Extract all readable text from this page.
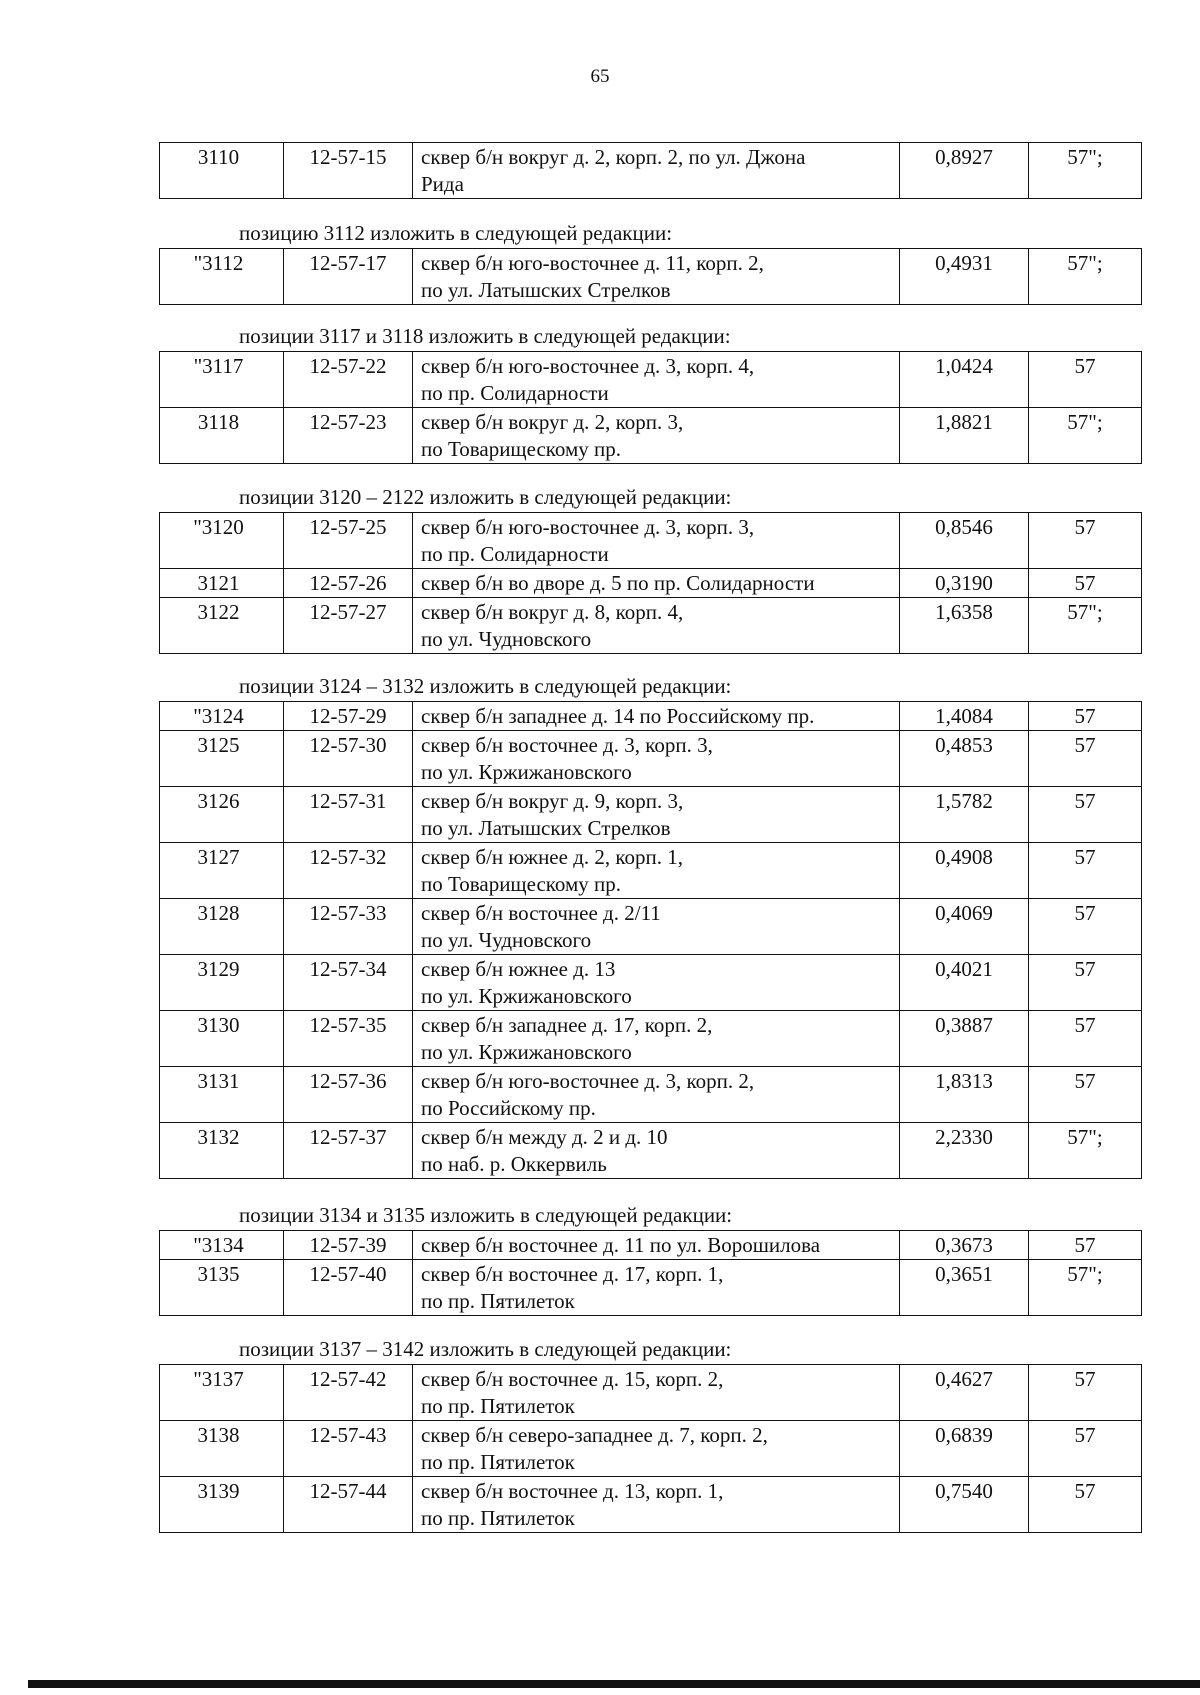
65
3110	12-57-15	сквер б/н вокруг д. 2, корп. 2, по ул. Джона
Рида
	0,8927	57";
позицию 3112 изложить в следующей редакции:
"3112	12-57-17	сквер б/н юго-восточнее д. 11, корп. 2,
по ул. Латышских Стрелков
	0,4931	57";
позиции 3117 и 3118 изложить в следующей редакции:
"3117	12-57-22	сквер б/н юго-восточнее д. 3, корп. 4,
по пр. Солидарности	1,0424	57
3118	12-57-23	сквер б/н вокруг д. 2, корп. 3,
по Товарищескому пр.	1,8821	57";
позиции 3120 – 2122 изложить в следующей редакции:
"3120	12-57-25	сквер б/н юго-восточнее д. 3, корп. 3,
по пр. Солидарности	0,8546	57
3121	12-57-26	сквер б/н во дворе д. 5 по пр. Солидарности	0,3190	57
3122	12-57-27	сквер б/н вокруг д. 8, корп. 4,
по ул. Чудновского	1,6358	57";
позиции 3124 – 3132 изложить в следующей редакции:
"3124	12-57-29	сквер б/н западнее д. 14 по Российскому пр.	1,4084	57
3125	12-57-30	сквер б/н восточнее д. 3, корп. 3,
по ул. Кржижановского	0,4853	57
3126	12-57-31	сквер б/н вокруг д. 9, корп. 3,
по ул. Латышских Стрелков	1,5782	57
3127	12-57-32	сквер б/н южнее д. 2, корп. 1,
по Товарищескому пр.	0,4908	57
3128	12-57-33	сквер б/н восточнее д. 2/11
по ул. Чудновского	0,4069	57
3129	12-57-34	сквер б/н южнее д. 13
по ул. Кржижановского	0,4021	57
3130	12-57-35	сквер б/н западнее д. 17, корп. 2,
по ул. Кржижановского	0,3887	57
3131	12-57-36	сквер б/н юго-восточнее д. 3, корп. 2,
по Российскому пр.	1,8313	57
3132	12-57-37	сквер б/н между д. 2 и д. 10
по наб. р. Оккервиль	2,2330	57";
позиции 3134 и 3135 изложить в следующей редакции:
"3134	12-57-39	сквер б/н восточнее д. 11 по ул. Ворошилова	0,3673	57
3135	12-57-40	сквер б/н восточнее д. 17, корп. 1,
по пр. Пятилеток	0,3651	57";
позиции 3137 – 3142 изложить в следующей редакции:
"3137	12-57-42	сквер б/н восточнее д. 15, корп. 2,
по пр. Пятилеток	0,4627	57
3138	12-57-43	сквер б/н северо-западнее д. 7, корп. 2,
по пр. Пятилеток	0,6839	57
3139	12-57-44	сквер б/н восточнее д. 13, корп. 1,
по пр. Пятилеток	0,7540	57
